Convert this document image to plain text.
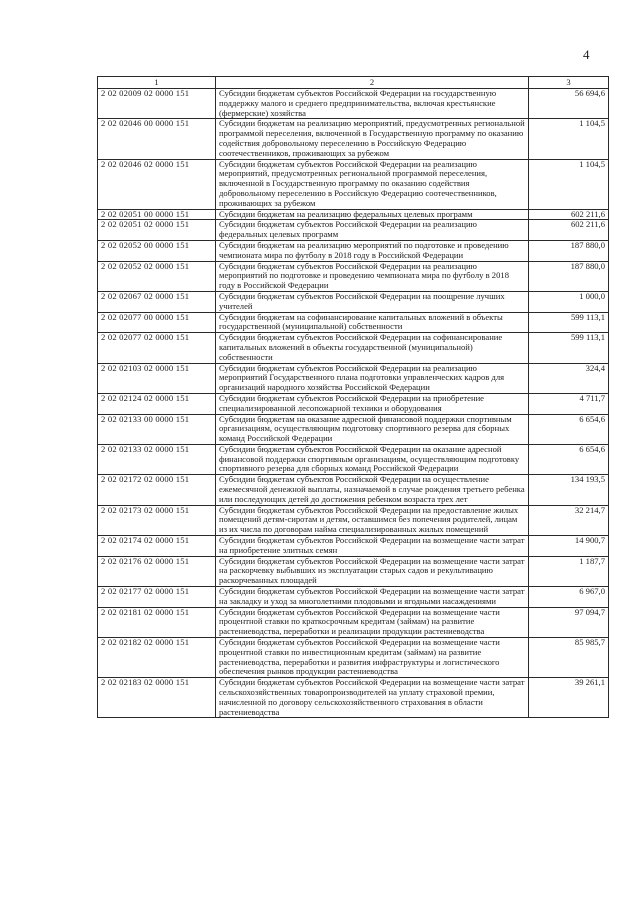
4
1	2	3
2 02 02009 02 0000 151	Субсидии бюджетам субъектов Российской Федерации на государственную поддержку малого и среднего предпринимательства, включая крестьянские (фермерские) хозяйства	56 694,6
2 02 02046 00 0000 151	Субсидии бюджетам на реализацию мероприятий, предусмотренных региональной программой переселения, включенной в Государственную программу по оказанию содействия добровольному переселению в Российскую Федерацию соотечественников, проживающих за рубежом	1 104,5
2 02 02046 02 0000 151	Субсидии бюджетам субъектов Российской Федерации на реализацию мероприятий, предусмотренных региональной программой переселения, включенной в Государственную программу по оказанию содействия добровольному переселению в Российскую Федерацию соотечественников, проживающих за рубежом	1 104,5
2 02 02051 00 0000 151	Субсидии бюджетам на реализацию федеральных целевых программ	602 211,6
2 02 02051 02 0000 151	Субсидии бюджетам субъектов Российской Федерации на реализацию федеральных целевых программ	602 211,6
2 02 02052 00 0000 151	Субсидии бюджетам на реализацию мероприятий по подготовке и проведению чемпионата мира по футболу в 2018 году в Российской Федерации	187 880,0
2 02 02052 02 0000 151	Субсидии бюджетам субъектов Российской Федерации на реализацию мероприятий по подготовке и проведению чемпионата мира по футболу в 2018 году в Российской Федерации	187 880,0
2 02 02067 02 0000 151	Субсидии бюджетам субъектов Российской Федерации на поощрение лучших учителей	1 000,0
2 02 02077 00 0000 151	Субсидии бюджетам на софинансирование капитальных вложений в объекты государственной (муниципальной) собственности	599 113,1
2 02 02077 02 0000 151	Субсидии бюджетам субъектов Российской Федерации на софинансирование капитальных вложений в объекты государственной (муниципальной) собственности	599 113,1
2 02 02103 02 0000 151	Субсидии бюджетам субъектов Российской Федерации на реализацию мероприятий Государственного плана подготовки управленческих кадров для организаций народного хозяйства Российской Федерации	324,4
2 02 02124 02 0000 151	Субсидии бюджетам субъектов Российской Федерации на приобретение специализированной лесопожарной техники и оборудования	4 711,7
2 02 02133 00 0000 151	Субсидии бюджетам на оказание адресной финансовой поддержки спортивным организациям, осуществляющим подготовку спортивного резерва для сборных команд Российской Федерации	6 654,6
2 02 02133 02 0000 151	Субсидии бюджетам субъектов Российской Федерации на оказание адресной финансовой поддержки спортивным организациям, осуществляющим подготовку спортивного резерва для сборных команд Российской Федерации	6 654,6
2 02 02172 02 0000 151	Субсидии бюджетам субъектов Российской Федерации на осуществление ежемесячной денежной выплаты, назначаемой в случае рождения третьего ребенка или последующих детей до достижения ребенком возраста трех лет	134 193,5
2 02 02173 02 0000 151	Субсидии бюджетам субъектов Российской Федерации на предоставление жилых помещений детям-сиротам и детям, оставшимся без попечения родителей, лицам из их числа по договорам найма специализированных жилых помещений	32 214,7
2 02 02174 02 0000 151	Субсидии бюджетам субъектов Российской Федерации на возмещение части затрат на приобретение элитных семян	14 900,7
2 02 02176 02 0000 151	Субсидии бюджетам субъектов Российской Федерации на возмещение части затрат на раскорчевку выбывших из эксплуатации старых садов и рекультивацию раскорчеванных площадей	1 187,7
2 02 02177 02 0000 151	Субсидии бюджетам субъектов Российской Федерации на возмещение части затрат на закладку и уход за многолетними плодовыми и ягодными насаждениями	6 967,0
2 02 02181 02 0000 151	Субсидии бюджетам субъектов Российской Федерации на возмещение части процентной ставки по краткосрочным кредитам (займам) на развитие растениеводства, переработки и реализации продукции растениеводства	97 094,7
2 02 02182 02 0000 151	Субсидии бюджетам субъектов Российской Федерации на возмещение части процентной ставки по инвестиционным кредитам (займам) на развитие растениеводства, переработки и развития инфраструктуры и логистического обеспечения рынков продукции растениеводства	85 985,7
2 02 02183 02 0000 151	Субсидии бюджетам субъектов Российской Федерации на возмещение части затрат сельскохозяйственных товаропроизводителей на уплату страховой премии, начисленной по договору сельскохозяйственного страхования в области растениеводства	39 261,1
